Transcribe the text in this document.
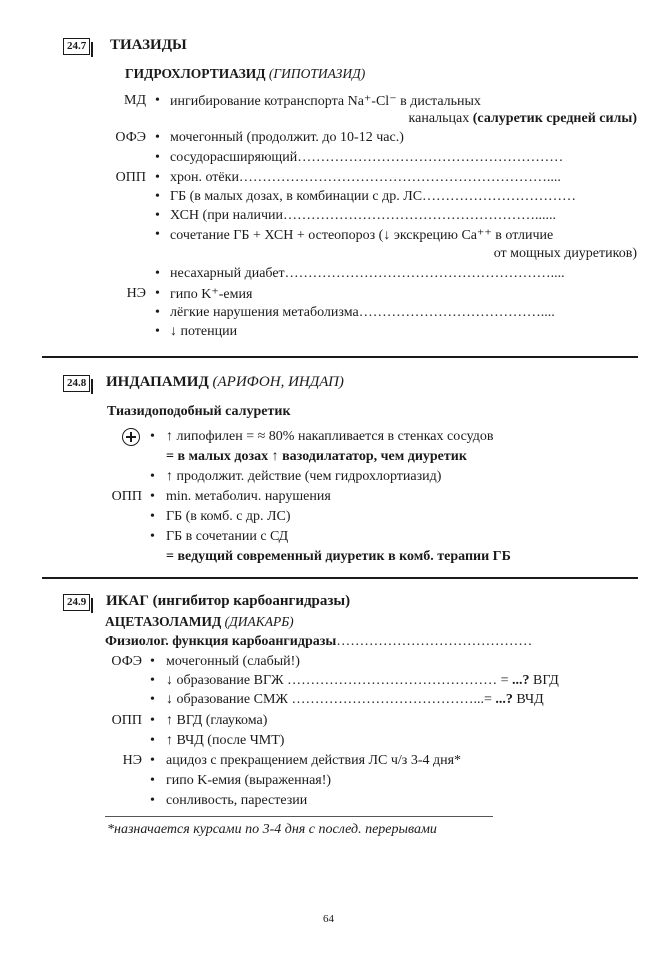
24.7 ТИАЗИДЫ
ГИДРОХЛОРТИАЗИД (ГИПОТИАЗИД)
МД • ингибирование котранспорта Na⁺-Cl⁻ в дистальных
канальцах (салуретик средней силы)
ОФЭ • мочегонный (продолжит. до 10-12 час.)
• сосудорасширяющий…………………………………………………
ОПП • хрон. отёки…………………………………………………………....
• ГБ (в малых дозах, в комбинации с др. ЛС……………………………
• ХСН (при наличии………………………………………………......
• сочетание ГБ + ХСН + остеопороз (↓ экскрецию Ca⁺⁺ в отличие
от мощных диуретиков)
• несахарный диабет…………………………………………………....
НЭ • гипо K⁺-емия
• лёгкие нарушения метаболизма…………………………………....
• ↓ потенции
24.8 ИНДАПАМИД (АРИФОН, ИНДАП)
Тиазидоподобный салуретик
• ↑ липофилен = ≈ 80% накапливается в стенках сосудов
= в малых дозах ↑ вазодилататор, чем диуретик
• ↑ продолжит. действие (чем гидрохлортиазид)
ОПП • min. метаболич. нарушения
• ГБ (в комб. с др. ЛС)
• ГБ в сочетании с СД
= ведущий современный диуретик в комб. терапии ГБ
24.9 ИКАГ (ингибитор карбоангидразы)
АЦЕТАЗОЛАМИД (ДИАКАРБ)
Физиолог. функция карбоангидразы……………………………………
ОФЭ • мочегонный (слабый!)
• ↓ образование ВГЖ ……………………………………… = ...? ВГД
• ↓ образование СМЖ …………………………………...= ...? ВЧД
ОПП • ↑ ВГД (глаукома)
• ↑ ВЧД (после ЧМТ)
НЭ • ацидоз с прекращением действия ЛС ч/з 3-4 дня*
• гипо K-емия (выраженная!)
• сонливость, парестезии
*назначается курсами по 3-4 дня с послед. перерывами
64
